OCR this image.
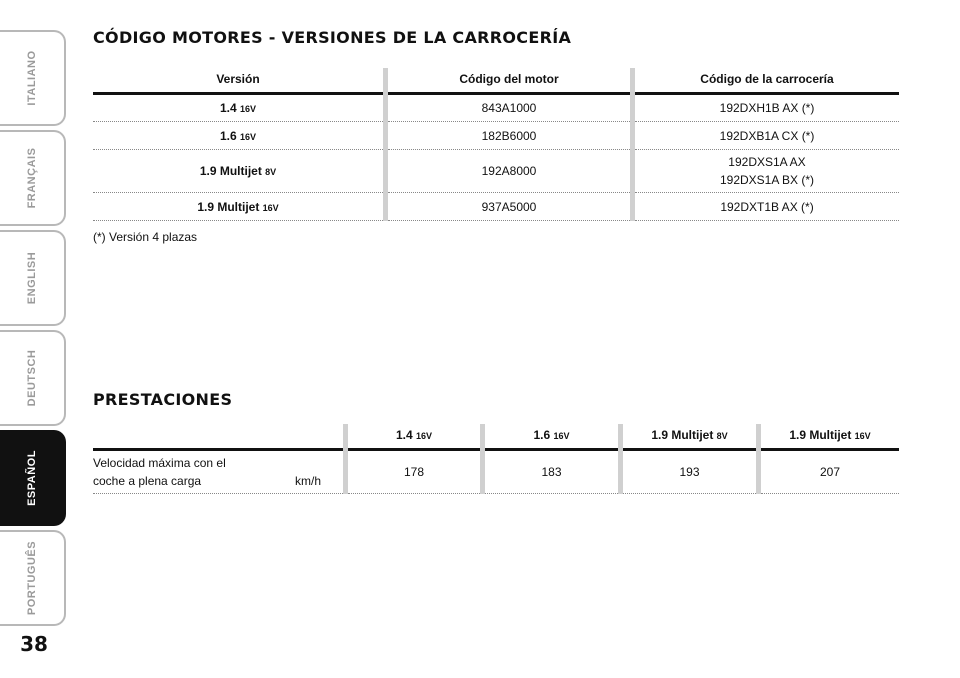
ITALIANO
FRANÇAIS
ENGLISH
DEUTSCH
ESPAÑOL
PORTUGUÊS
38
CÓDIGO MOTORES - VERSIONES DE LA CARROCERÍA
Versión	Código del motor	Código de la carrocería
1.4 16V	843A1000	192DXH1B AX (*)
1.6 16V	182B6000	192DXB1A CX (*)
1.9 Multijet 8V	192A8000	192DXS1A AX
192DXS1A BX (*)

1.9 Multijet 16V	937A5000	192DXT1B AX (*)
(*) Versión 4 plazas
PRESTACIONES
	1.4 16V	1.6 16V	1.9 Multijet 8V	1.9 Multijet 16V

Velocidad máxima con el
coche a plena carga km/h	178	183	193	207
